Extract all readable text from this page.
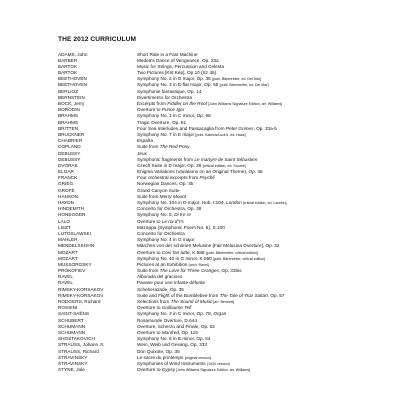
THE 2012 CURRICULUM
ADAMS, John	Short Ride in a Fast Machine
BARBER	Medea's Dance of Vengeance, Op. 23a
BARTOK	Music for Strings, Percussion and Celesta
BARTOK	Two Pictures [Két Kép], Op.10 (Sz 46)
BEETHOVEN	Symphony No. 2 in D major, Op. 36 [publ. Bärenreiter, ed. Del Mar]
BEETHOVEN	Symphony No. 3 in E-flat major, Op. 55 [publ. Bärenreiter, ed. Del Mar]
BERLIOZ	Symphonie fantastique, Op. 14
BERNSTEIN	Divertimento for Orchestra
BOCK, Jerry	Excerpts from Fiddler on the Roof [John Williams Signature Edition, arr. Williams]
BORODIN	Overture to Prince Igor
BRAHMS	Symphony No. 1 in C minor, Op. 68
BRAHMS	Tragic Overture, Op. 81
BRITTEN	Four Sea Interludes and Passacaglia from Peter Grimes, Op. 33a-b
BRUCKNER	Symphony No. 7 in E major [publ. Kalmus/Luck's, ed. Haas]
CHABRIER	España
COPLAND	Suite from The Red Pony
DEBUSSY	Jeux
DEBUSSY	Symphonic fragments from Le martyre de Saint Sébastien
DVORAK	Czech Suite in D major, Op. 39 [critical edition, ed. Sourek]
ELGAR	Enigma Variations (Variations on an Original Theme), Op. 36
FRANCK	Four orchestral excerpts from Psyché
GRIEG	Norwegian Dances, Op. 35
GROFÉ	Grand Canyon Suite
HANSON	Suite from Merry Mount
HAYDN	Symphony No. 104 in D major, Hob. I:104, London [critical edition, ed. Landon]
HINDEMITH	Concerto for Orchestra, Op. 38
HONEGGER	Symphony No. 5, Di tre re
LALO	Overture to Le roi d'Ys
LISZT	Mazeppa (Symphonic Poem No. 6), S.100
LUTOSLAWSKI	Concerto for Orchestra
MAHLER	Symphony No. 4 in G major
MENDELSSOHN	Märchen von der schönen Melusine [Fair Melusina Overture], Op. 32
MOZART	Overture to Così fan tutte, K.588 [publ. Bärenreiter, critical edition]
MOZART	Symphony No. 40 in G minor, K.550 [publ. Bärenreiter, critical edition]
MUSSORGSKY	Pictures at an Exhibition [orch. Ravel]
PROKOFIEV	Suite from The Love for Three Oranges, Op. 33bis
RAVEL	Alborada del gracioso
RAVEL	Pavane pour une infante défunte
RIMSKY-KORSAKOV	Scheherazade, Op. 35
RIMSKY-KORSAKOV	Suite and Flight of the Bumblebee from The Tale of Tsar Saltan, Op. 57
RODGERS, Richard	Selections from The Sound of Music [arr. Bennett]
ROSSINI	Overture to Guillaume Tell
SAINT-SAËNS	Symphony No. 3 in C minor, Op. 78, Organ
SCHUBERT	Rosamunde Overture, D.644
SCHUMANN	Overture, Scherzo and Finale, Op. 52
SCHUMANN	Overture to Manfred, Op. 115
SHOSTAKOVICH	Symphony No. 6 in B minor, Op. 54
STRAUSS, Johann Jr.	Wein, Weib und Gesang, Op. 333
STRAUSS, Richard	Don Quixote, Op. 35
STRAVINSKY	Le sacre du printemps [original version]
STRAVINSKY	Symphonies of Wind Instruments [1920 version]
STYNE, Jule	Overture to Gypsy [John Williams Signature Edition, arr. Williams]
